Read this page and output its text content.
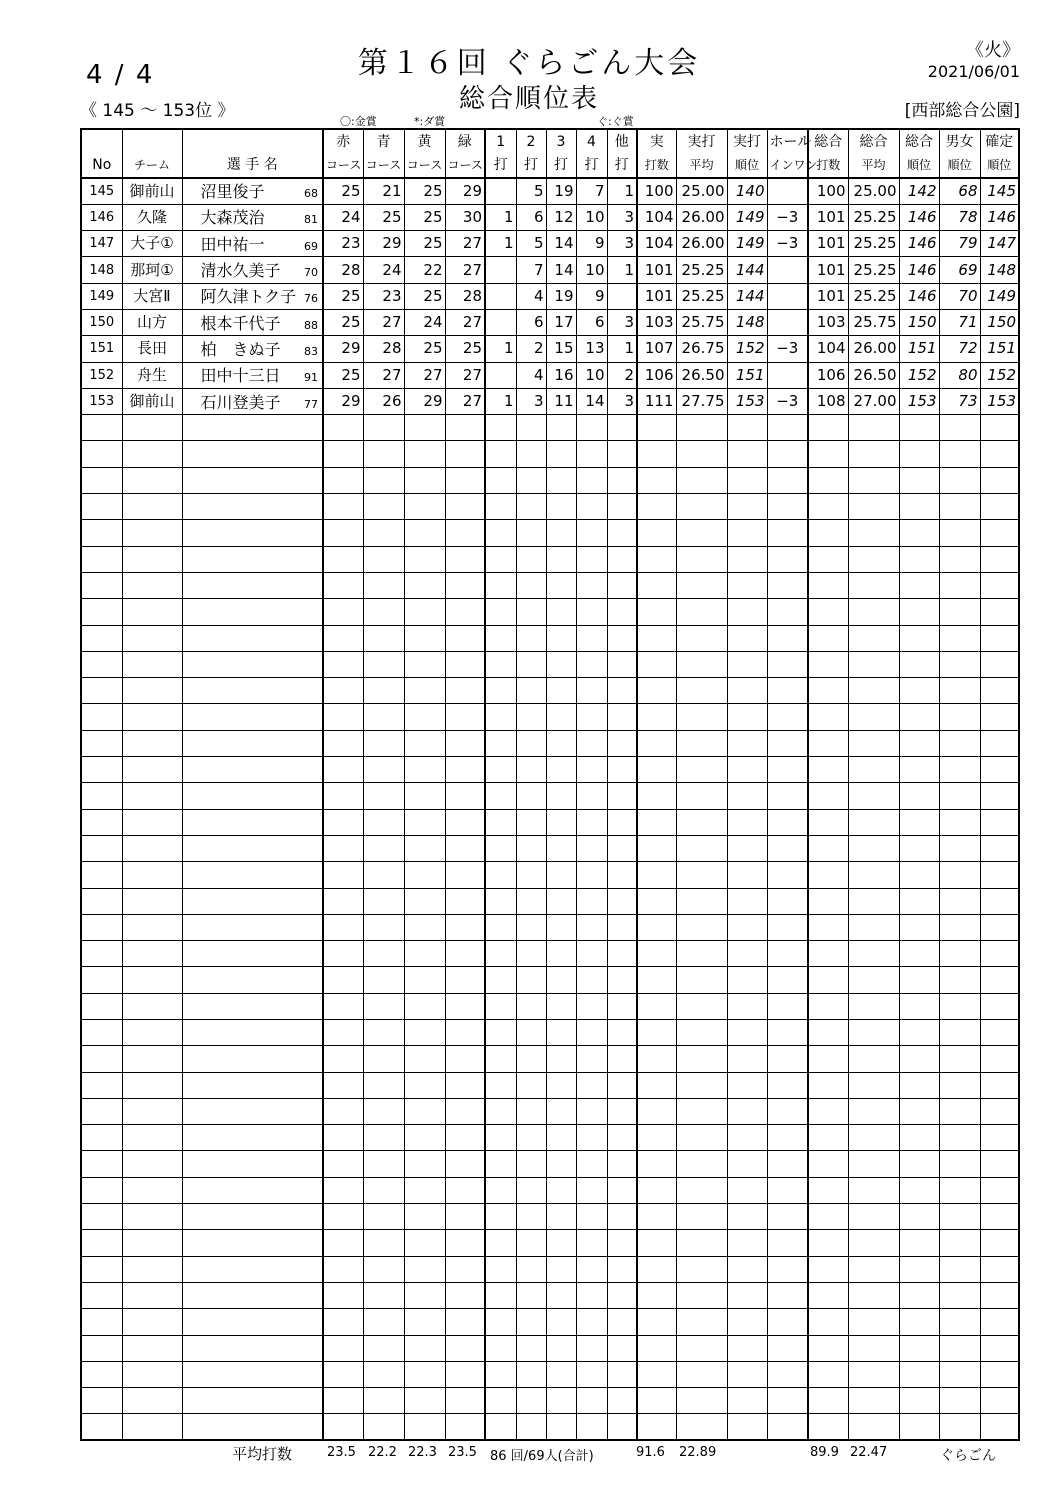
4 / 4
《 145 ～ 153位 》
第１６回 ぐらごん大会
総合順位表
《火》
2021/06/01
[西部総合公園]
〇:金賞	*:ダ賞	ぐ:ぐ賞
			赤	青	黄	緑	1	2	3	4	他	実	実打	実打	ホール	総合	総合	総合	男女	確定
No	チーム	選 手 名	コース	コース	コース	コース	打	打	打	打	打	打数	平均	順位	インワン	打数	平均	順位	順位	順位
145	御前山	沼里俊子 68	25	21	25	29		5	19	7	1	100	25.00	140		100	25.00	142	68	145
146	久隆	大森茂治 81	24	25	25	30	1	6	12	10	3	104	26.00	149	−3	101	25.25	146	78	146
147	大子①	田中祐一 69	23	29	25	27	1	5	14	9	3	104	26.00	149	−3	101	25.25	146	79	147
148	那珂①	清水久美子 70	28	24	22	27		7	14	10	1	101	25.25	144		101	25.25	146	69	148
149	大宮Ⅱ	阿久津トク子 76	25	23	25	28		4	19	9		101	25.25	144		101	25.25	146	70	149
150	山方	根本千代子 88	25	27	24	27		6	17	6	3	103	25.75	148		103	25.75	150	71	150
151	長田	柏　きぬ子 83	29	28	25	25	1	2	15	13	1	107	26.75	152	−3	104	26.00	151	72	151
152	舟生	田中十三日 91	25	27	27	27		4	16	10	2	106	26.50	151		106	26.50	152	80	152
153	御前山	石川登美子 77	29	26	29	27	1	3	11	14	3	111	27.75	153	−3	108	27.00	153	73	153

平均打数	23.5 22.2 22.3 23.5 86 回/69人(合計)	91.6 22.89	89.9 22.47	ぐらごん
